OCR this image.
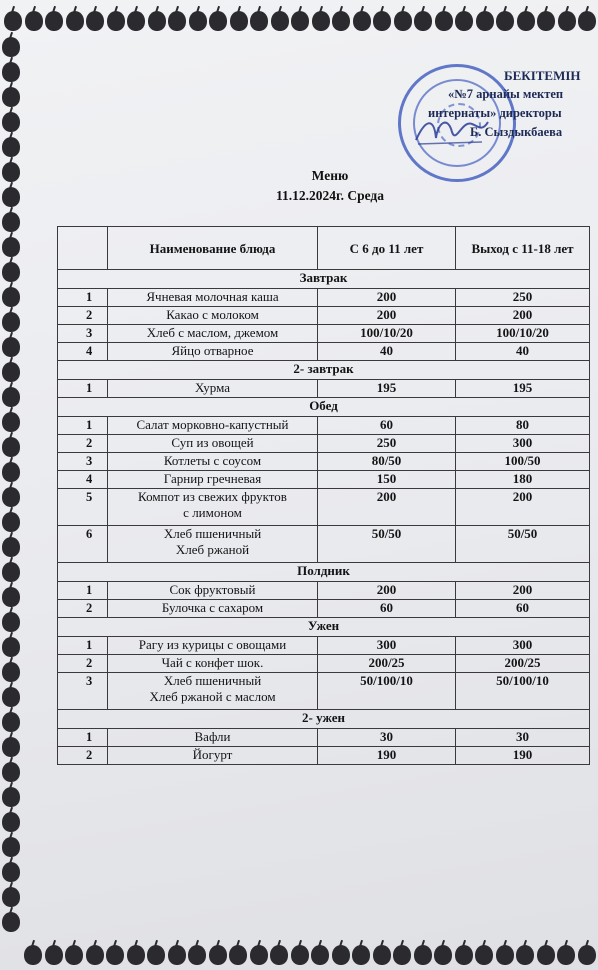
БЕКІТЕМІН
«№7 арнайы мектеп
интернаты» директоры
Б. Сыздыкбаева
Меню
11.12.2024г. Среда
	Наименование блюда	С 6 до 11 лет	Выход с 11-18 лет
Завтрак			
1	Ячневая молочная каша	200	250
2	Какао с молоком	200	200
3	Хлеб с маслом, джемом	100/10/20	100/10/20
4	Яйцо отварное	40	40
2- завтрак			
1	Хурма	195	195
Обед			
1	Салат морковно-капустный	60	80
2	Суп из овощей	250	300
3	Котлеты с соусом	80/50	100/50
4	Гарнир гречневая	150	180
5	Компот из свежих фруктов
с лимоном	200	200
6	Хлеб пшеничный
Хлеб ржаной	50/50	50/50
Полдник			
1	Сок фруктовый	200	200
2	Булочка с сахаром	60	60
Ужен			
1	Рагу из курицы с овощами	300	300
2	Чай с конфет шок.	200/25	200/25
3	Хлеб пшеничный
Хлеб ржаной с маслом	50/100/10	50/100/10
2- ужен			
1	Вафли	30	30
2	Йогурт	190	190
